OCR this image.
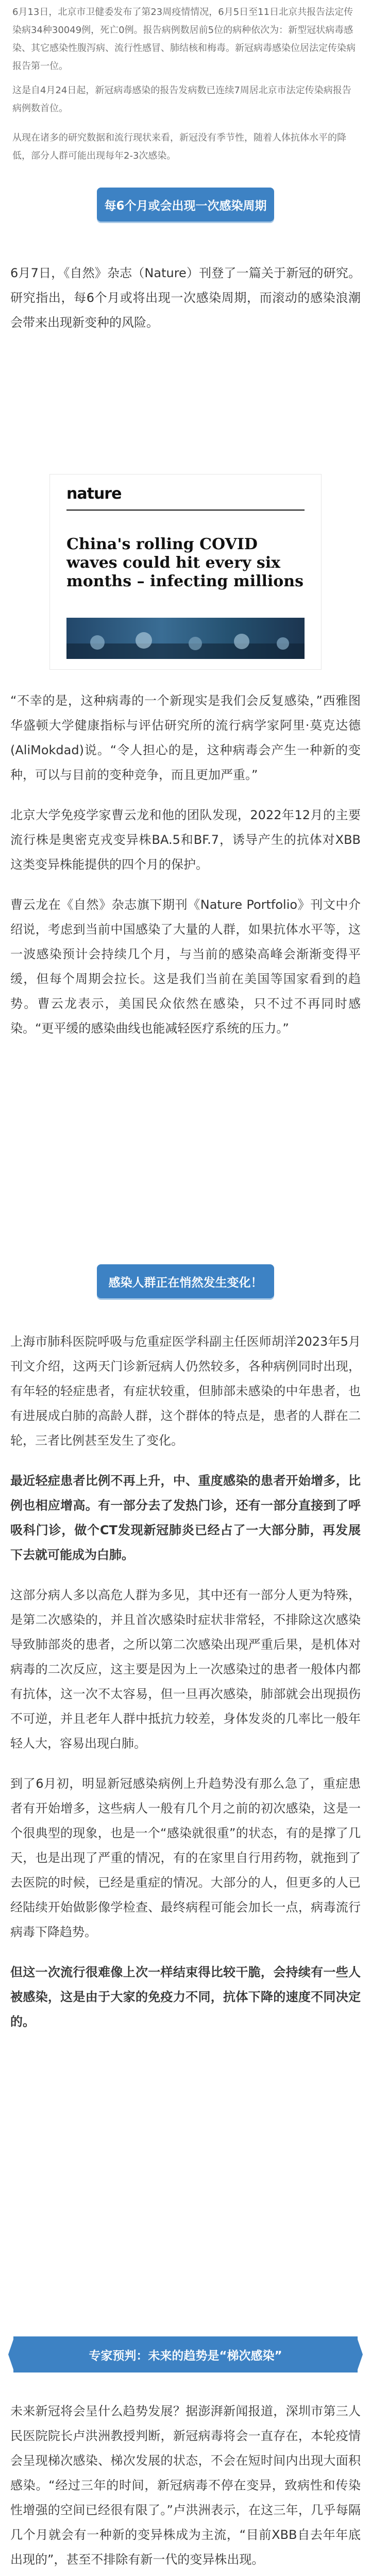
6月13日，北京市卫健委发布了第23周疫情情况，6月5日至11日北京共报告法定传染病34种30049例，死亡0例。报告病例数居前5位的病种依次为：新型冠状病毒感染、其它感染性腹泻病、流行性感冒、肺结核和梅毒。新冠病毒感染位居法定传染病报告第一位。

这是自4月24日起，新冠病毒感染的报告发病数已连续7周居北京市法定传染病报告病例数首位。

从现在诸多的研究数据和流行现状来看，新冠没有季节性，随着人体抗体水平的降低，部分人群可能出现每年2-3次感染。

每6个月或会出现一次感染周期

6月7日，《自然》杂志（Nature）刊登了一篇关于新冠的研究。研究指出，每6个月或将出现一次感染周期，而滚动的感染浪潮会带来出现新变种的风险。

nature
China's rolling COVID waves could hit every six months – infecting millions

“不幸的是，这种病毒的一个新现实是我们会反复感染，”西雅图华盛顿大学健康指标与评估研究所的流行病学家阿里·莫克达德(AliMokdad)说。“令人担心的是，这种病毒会产生一种新的变种，可以与目前的变种竞争，而且更加严重。”

北京大学免疫学家曹云龙和他的团队发现，2022年12月的主要流行株是奥密克戎变异株BA.5和BF.7，诱导产生的抗体对XBB这类变异株能提供的四个月的保护。

曹云龙在《自然》杂志旗下期刊《Nature Portfolio》刊文中介绍说，考虑到当前中国感染了大量的人群，如果抗体水平等，这一波感染预计会持续几个月，与当前的感染高峰会渐渐变得平缓，但每个周期会拉长。这是我们当前在美国等国家看到的趋势。曹云龙表示，美国民众依然在感染，只不过不再同时感染。“更平缓的感染曲线也能减轻医疗系统的压力。”

感染人群正在悄然发生变化！

上海市肺科医院呼吸与危重症医学科副主任医师胡洋2023年5月刊文介绍，这两天门诊新冠病人仍然较多，各种病例同时出现，有年轻的轻症患者，有症状较重，但肺部未感染的中年患者，也有进展成白肺的高龄人群，这个群体的特点是，患者的人群在二轮，三者比例甚至发生了变化。

最近轻症患者比例不再上升，中、重度感染的患者开始增多，比例也相应增高。有一部分去了发热门诊，还有一部分直接到了呼吸科门诊，做个CT发现新冠肺炎已经占了一大部分肺，再发展下去就可能成为白肺。

这部分病人多以高危人群为多见，其中还有一部分人更为特殊，是第二次感染的，并且首次感染时症状非常轻，不排除这次感染导致肺部炎的患者，之所以第二次感染出现严重后果，是机体对病毒的二次反应，这主要是因为上一次感染过的患者一般体内都有抗体，这一次不太容易，但一旦再次感染，肺部就会出现损伤不可逆，并且老年人群中抵抗力较差，身体发炎的几率比一般年轻人大，容易出现白肺。

到了6月初，明显新冠感染病例上升趋势没有那么急了，重症患者有开始增多，这些病人一般有几个月之前的初次感染，这是一个很典型的现象，也是一个“感染就很重”的状态，有的是撑了几天，也是出现了严重的情况，有的在家里自行用药物，就拖到了去医院的时候，已经是重症的情况。大部分的人，但更多的人已经陆续开始做影像学检查、最终病程可能会加长一点，病毒流行病毒下降趋势。

但这一次流行很难像上次一样结束得比较干脆，会持续有一些人被感染，这是由于大家的免疫力不同，抗体下降的速度不同决定的。

专家预判：未来的趋势是“梯次感染”

未来新冠将会呈什么趋势发展？据澎湃新闻报道，深圳市第三人民医院院长卢洪洲教授判断，新冠病毒将会一直存在，本轮疫情会呈现梯次感染、梯次发展的状态，不会在短时间内出现大面积感染。“经过三年的时间，新冠病毒不停在变异，致病性和传染性增强的空间已经很有限了。”卢洪洲表示，在这三年，几乎每隔几个月就会有一种新的变异株成为主流，“目前XBB自去年年底出现的”，甚至不排除有新一代的变异株出现。
